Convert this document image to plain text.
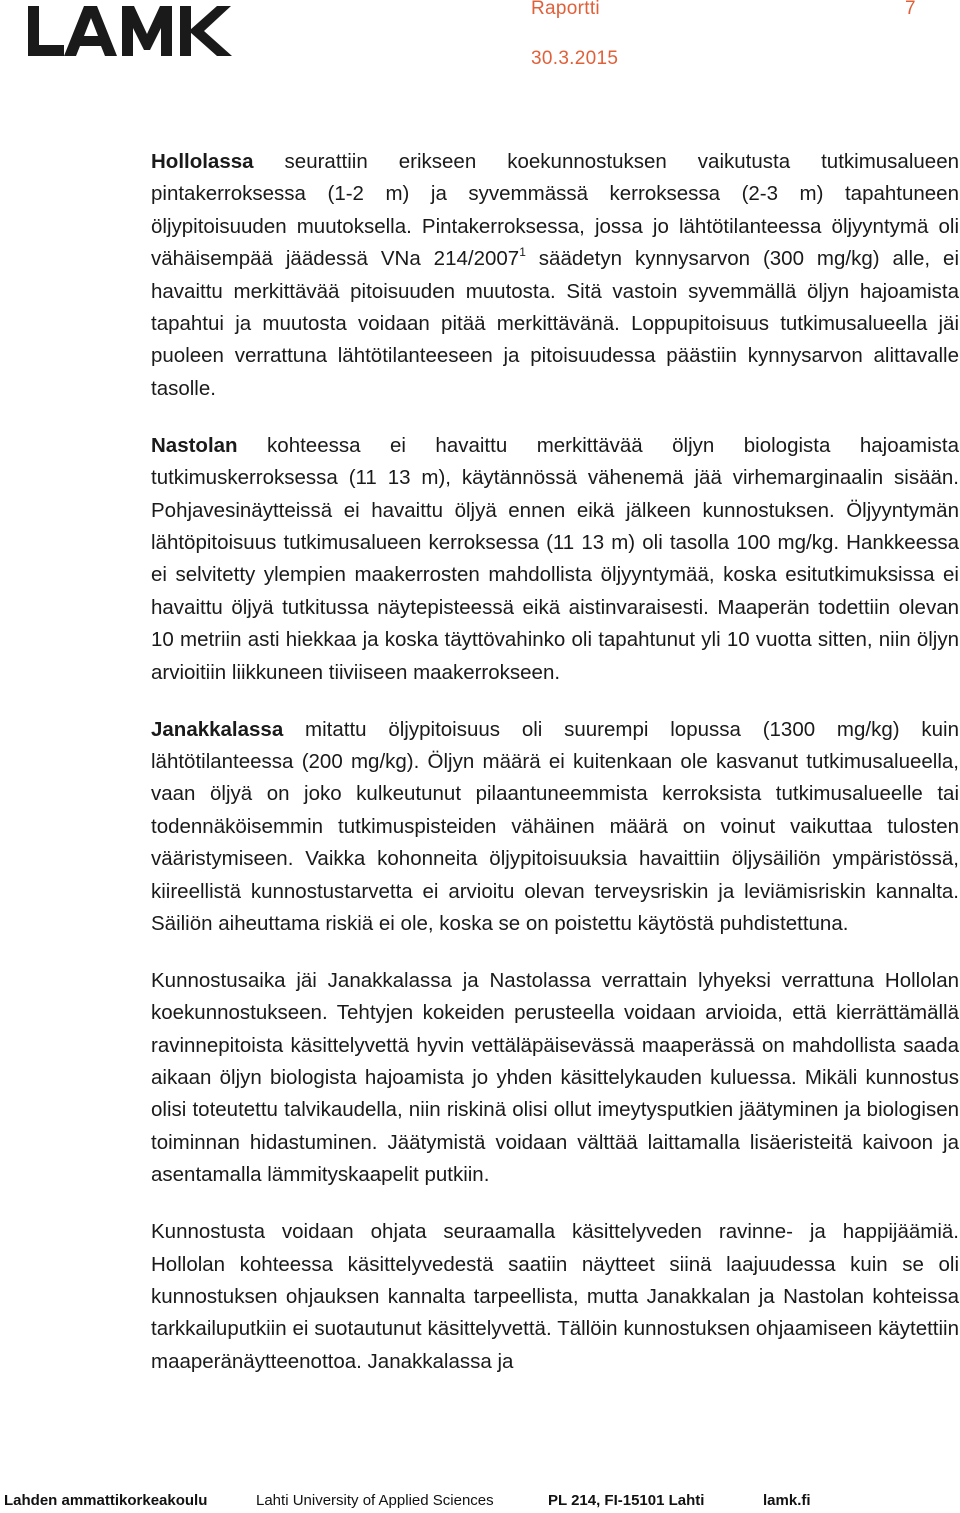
Raportti	7
30.3.2015

Hollolassa seurattiin erikseen koekunnostuksen vaikutusta tutkimusalueen pintakerroksessa (1-2 m) ja syvemmässä kerroksessa (2-3 m) tapahtuneen öljypitoisuuden muutoksella. Pintakerroksessa, jossa jo lähtötilanteessa öljyyntymä oli vähäisempää jäädessä VNa 214/2007$^1$ säädetyn kynnysarvon (300 mg/kg) alle, ei havaittu merkittävää pitoisuuden muutosta. Sitä vastoin syvemmällä öljyn hajoamista tapahtui ja muutosta voidaan pitää merkittävänä. Loppupitoisuus tutkimusalueella jäi puoleen verrattuna lähtötilanteeseen ja pitoisuudessa päästiin kynnysarvon alittavalle tasolle.

Nastolan kohteessa ei havaittu merkittävää öljyn biologista hajoamista tutkimuskerroksessa (11 13 m), käytännössä vähenemä jää virhemarginaalin sisään. Pohjavesinäytteissä ei havaittu öljyä ennen eikä jälkeen kunnostuksen. Öljyyntymän lähtöpitoisuus tutkimusalueen kerroksessa (11 13 m) oli tasolla 100 mg/kg. Hankkeessa ei selvitetty ylempien maakerrosten mahdollista öljyyntymää, koska esitutkimuksissa ei havaittu öljyä tutkitussa näytepisteessä eikä aistinvaraisesti. Maaperän todettiin olevan 10 metriin asti hiekkaa ja koska täyttövahinko oli tapahtunut yli 10 vuotta sitten, niin öljyn arvioitiin liikkuneen tiiviiseen maakerrokseen.

Janakkalassa mitattu öljypitoisuus oli suurempi lopussa (1300 mg/kg) kuin lähtötilanteessa (200 mg/kg). Öljyn määrä ei kuitenkaan ole kasvanut tutkimusalueella, vaan öljyä on joko kulkeutunut pilaantuneemmista kerroksista tutkimusalueelle tai todennäköisemmin tutkimuspisteiden vähäinen määrä on voinut vaikuttaa tulosten vääristymiseen. Vaikka kohonneita öljypitoisuuksia havaittiin öljysäiliön ympäristössä, kiireellistä kunnostustarvetta ei arvioitu olevan terveysriskin ja leviämisriskin kannalta. Säiliön aiheuttama riskiä ei ole, koska se on poistettu käytöstä puhdistettuna.

Kunnostusaika jäi Janakkalassa ja Nastolassa verrattain lyhyeksi verrattuna Hollolan koekunnostukseen. Tehtyjen kokeiden perusteella voidaan arvioida, että kierrättämällä ravinnepitoista käsittelyvettä hyvin vettäläpäisevässä maaperässä on mahdollista saada aikaan öljyn biologista hajoamista jo yhden käsittelykauden kuluessa. Mikäli kunnostus olisi toteutettu talvikaudella, niin riskinä olisi ollut imeytysputkien jäätyminen ja biologisen toiminnan hidastuminen. Jäätymistä voidaan välttää laittamalla lisäeristeitä kaivoon ja asentamalla lämmityskaapelit putkiin.

Kunnostusta voidaan ohjata seuraamalla käsittelyveden ravinne- ja happijäämiä. Hollolan kohteessa käsittelyvedestä saatiin näytteet siinä laajuudessa kuin se oli kunnostuksen ohjauksen kannalta tarpeellista, mutta Janakkalan ja Nastolan kohteissa tarkkailuputkiin ei suotautunut käsittelyvettä. Tällöin kunnostuksen ohjaamiseen käytettiin maaperänäytteenottoa. Janakkalassa ja

Lahden ammattikorkeakoulu	Lahti University of Applied Sciences	PL 214, FI-15101 Lahti	lamk.fi
